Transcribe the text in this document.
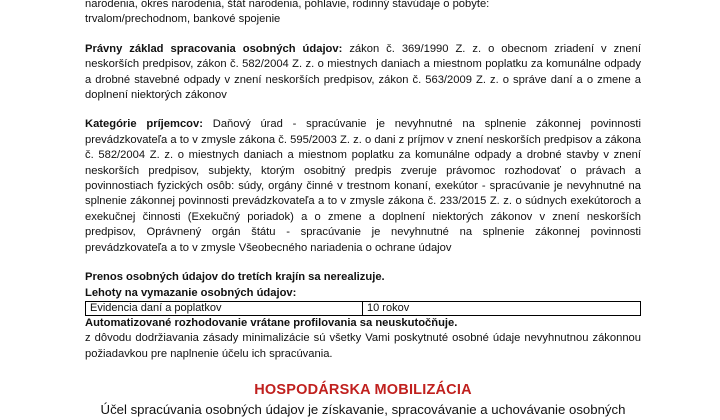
narodenia, okres narodenia, štát narodenia, pohlavie, rodinný stavúdaje o pobyte:
trvalom/prechodnom, bankové spojenie

Právny základ spracovania osobných údajov: zákon č. 369/1990 Z. z. o obecnom zriadení v znení neskorších predpisov, zákon č. 582/2004 Z. z. o miestnych daniach a miestnom poplatku za komunálne odpady a drobné stavebné odpady v znení neskorších predpisov, zákon č. 563/2009 Z. z. o správe daní a o zmene a doplnení niektorých zákonov

Kategórie príjemcov: Daňový úrad - spracúvanie je nevyhnutné na splnenie zákonnej povinnosti prevádzkovateľa a to v zmysle zákona č. 595/2003 Z. z. o dani z príjmov v znení neskorších predpisov a zákona č. 582/2004 Z. z. o miestnych daniach a miestnom poplatku za komunálne odpady a drobné stavby v znení neskorších predpisov, subjekty, ktorým osobitný predpis zveruje právomoc rozhodovať o právach a povinnostiach fyzických osôb: súdy, orgány činné v trestnom konaní, exekútor - spracúvanie je nevyhnutné na splnenie zákonnej povinnosti prevádzkovateľa a to v zmysle zákona č. 233/2015 Z. z. o súdnych exekútoroch a exekučnej činnosti (Exekučný poriadok) a o zmene a doplnení niektorých zákonov v znení neskorších predpisov, Oprávnený orgán štátu - spracúvanie je nevyhnutné na splnenie zákonnej povinnosti prevádzkovateľa a to v zmysle Všeobecného nariadenia o ochrane údajov

Prenos osobných údajov do tretích krajín sa nerealizuje.

Lehoty na vymazanie osobných údajov:

Evidencia daní a poplatkov	10 rokov

Automatizované rozhodovanie vrátane profilovania sa neuskutočňuje.

z dôvodu dodržiavania zásady minimalizácie sú všetky Vami poskytnuté osobné údaje nevyhnutnou zákonnou požiadavkou pre naplnenie účelu ich spracúvania.

HOSPODÁRSKA MOBILIZÁCIA
Účel spracúvania osobných údajov je získavanie, spracovávanie a uchovávanie osobných
